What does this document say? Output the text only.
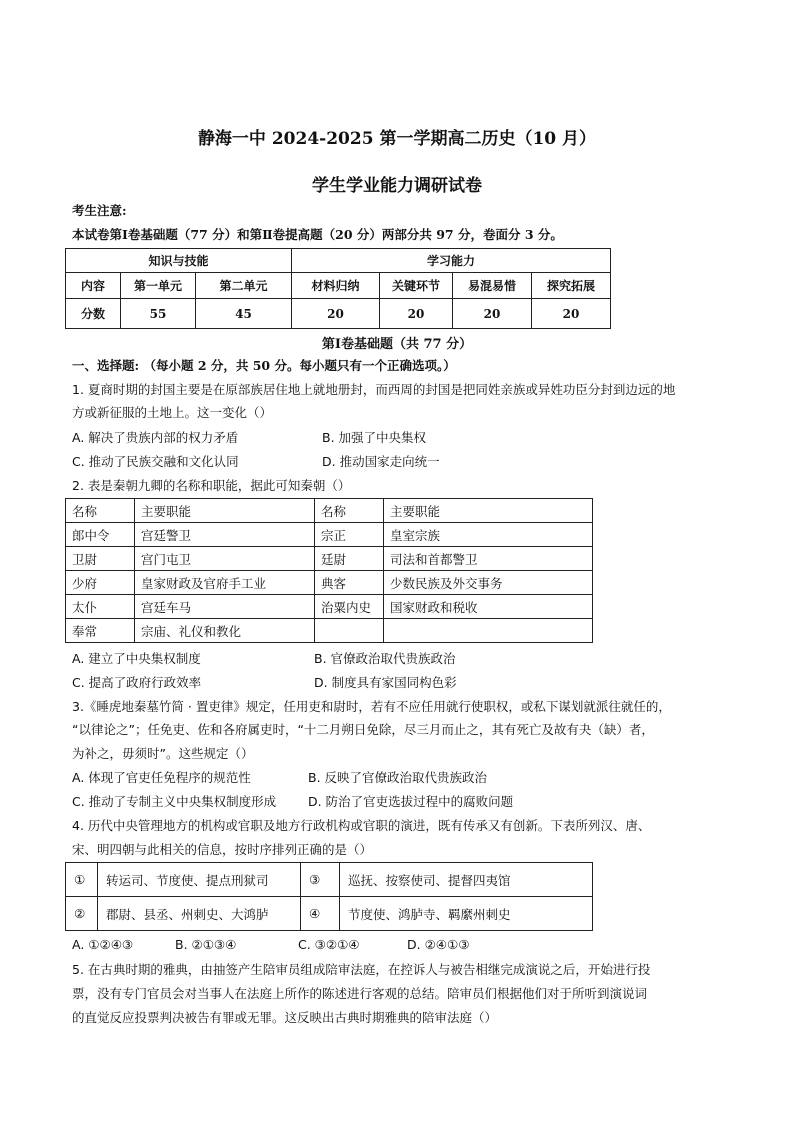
静海一中 2024-2025 第一学期高二历史（10 月）
学生学业能力调研试卷
考生注意:
本试卷第Ⅰ卷基础题（77 分）和第Ⅱ卷提高题（20 分）两部分共 97 分，卷面分 3 分。
知识与技能			学习能力			
内容	第一单元	第二单元	材料归纳	关键环节	易混易惜	探究拓展
分数	55	45	20	20	20	20
第Ⅰ卷基础题（共 77 分）
一、选择题: （每小题 2 分，共 50 分。每小题只有一个正确选项。）
1. 夏商时期的封国主要是在原部族居住地上就地册封，而西周的封国是把同姓亲族或异姓功臣分封到边远的地
方或新征服的土地上。这一变化（）
A. 解决了贵族内部的权力矛盾	B. 加强了中央集权
C. 推动了民族交融和文化认同	D. 推动国家走向统一
2. 表是秦朝九卿的名称和职能，据此可知秦朝（）
名称	主要职能	名称	主要职能
郎中令	宫廷警卫	宗正	皇室宗族
卫尉	宫门屯卫	廷尉	司法和首都警卫
少府	皇家财政及官府手工业	典客	少数民族及外交事务
太仆	宫廷车马	治粟内史	国家财政和税收
奉常	宗庙、礼仪和教化		
A. 建立了中央集权制度	B. 官僚政治取代贵族政治
C. 提高了政府行政效率	D. 制度具有家国同构色彩
3.《睡虎地秦墓竹简 · 置吏律》规定，任用吏和尉时，若有不应任用就行使职权，或私下谋划就派往就任的，
“以律论之”；任免吏、佐和各府属吏时，“十二月朔日免除，尽三月而止之，其有死亡及故有夬（缺）者，
为补之，毋须时”。这些规定（）
A. 体现了官吏任免程序的规范性	B. 反映了官僚政治取代贵族政治
C. 推动了专制主义中央集权制度形成	D. 防治了官吏选拔过程中的腐败问题
4. 历代中央管理地方的机构或官职及地方行政机构或官职的演进，既有传承又有创新。下表所列汉、唐、
宋、明四朝与此相关的信息，按时序排列正确的是（）
①	转运司、节度使、提点刑狱司	③	巡抚、按察使司、提督四夷馆
②	郡尉、县丞、州刺史、大鸿胪	④	节度使、鸿胪寺、羁縻州刺史
A. ①②④③	B. ②①③④	C. ③②①④	D. ②④①③
5. 在古典时期的雅典，由抽签产生陪审员组成陪审法庭，在控诉人与被告相继完成演说之后，开始进行投
票，没有专门官员会对当事人在法庭上所作的陈述进行客观的总结。陪审员们根据他们对于所听到演说词
的直觉反应投票判决被告有罪或无罪。这反映出古典时期雅典的陪审法庭（）
